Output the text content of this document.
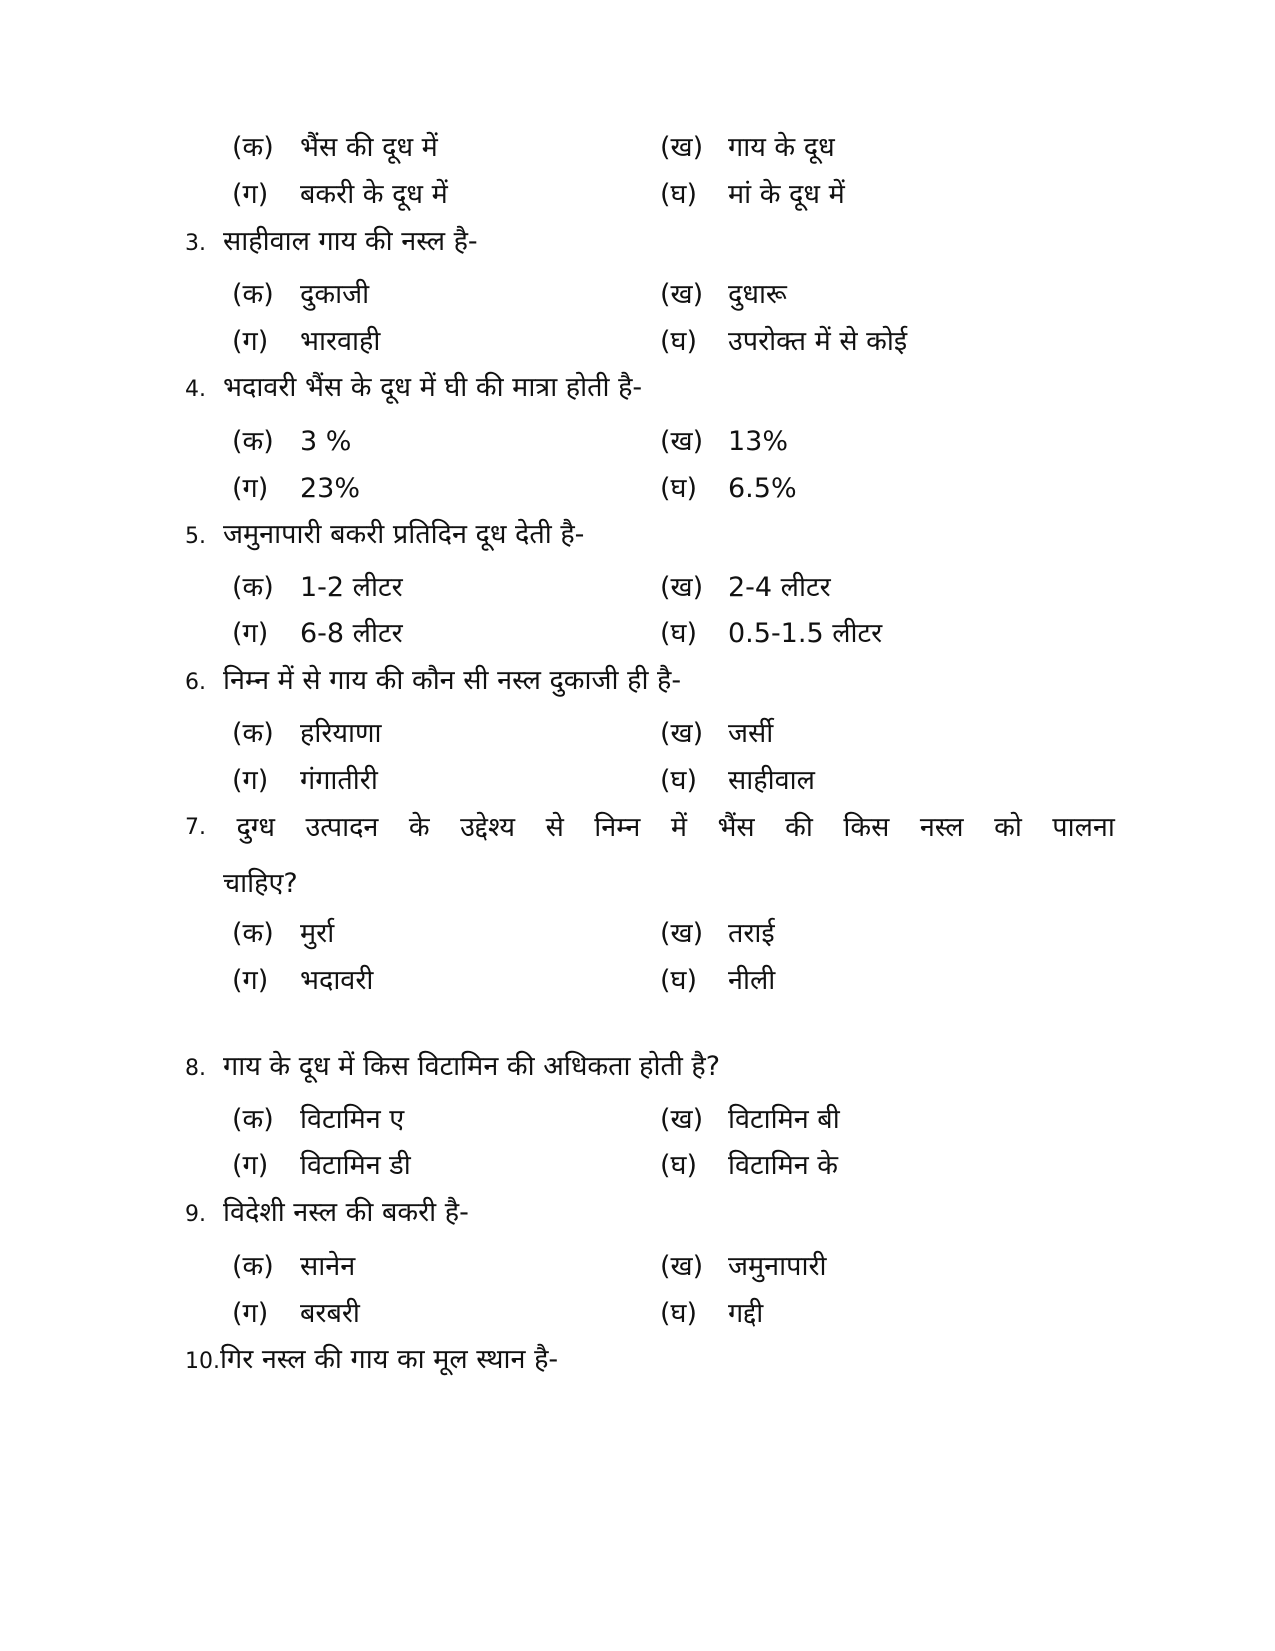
(क) भैंस की दूध में	(ख) गाय के दूध
(ग) बकरी के दूध में	(घ) मां के दूध में
3. साहीवाल गाय की नस्ल है-
(क) दुकाजी	(ख) दुधारू
(ग) भारवाही	(घ) उपरोक्त में से कोई
4. भदावरी भैंस के दूध में घी की मात्रा होती है-
(क) 3 %	(ख) 13%
(ग) 23%	(घ) 6.5%
5. जमुनापारी बकरी प्रतिदिन दूध देती है-
(क) 1-2 लीटर	(ख) 2-4 लीटर
(ग) 6-8 लीटर	(घ) 0.5-1.5 लीटर
6. निम्न में से गाय की कौन सी नस्ल दुकाजी ही है-
(क) हरियाणा	(ख) जर्सी
(ग) गंगातीरी	(घ) साहीवाल
7. दुग्ध उत्पादन के उद्देश्य से निम्न में भैंस की किस नस्ल को पालना
चाहिए?
(क) मुर्रा	(ख) तराई
(ग) भदावरी	(घ) नीली
8. गाय के दूध में किस विटामिन की अधिकता होती है?
(क) विटामिन ए	(ख) विटामिन बी
(ग) विटामिन डी	(घ) विटामिन के
9. विदेशी नस्ल की बकरी है-
(क) सानेन	(ख) जमुनापारी
(ग) बरबरी	(घ) गद्दी
10.गिर नस्ल की गाय का मूल स्थान है-
